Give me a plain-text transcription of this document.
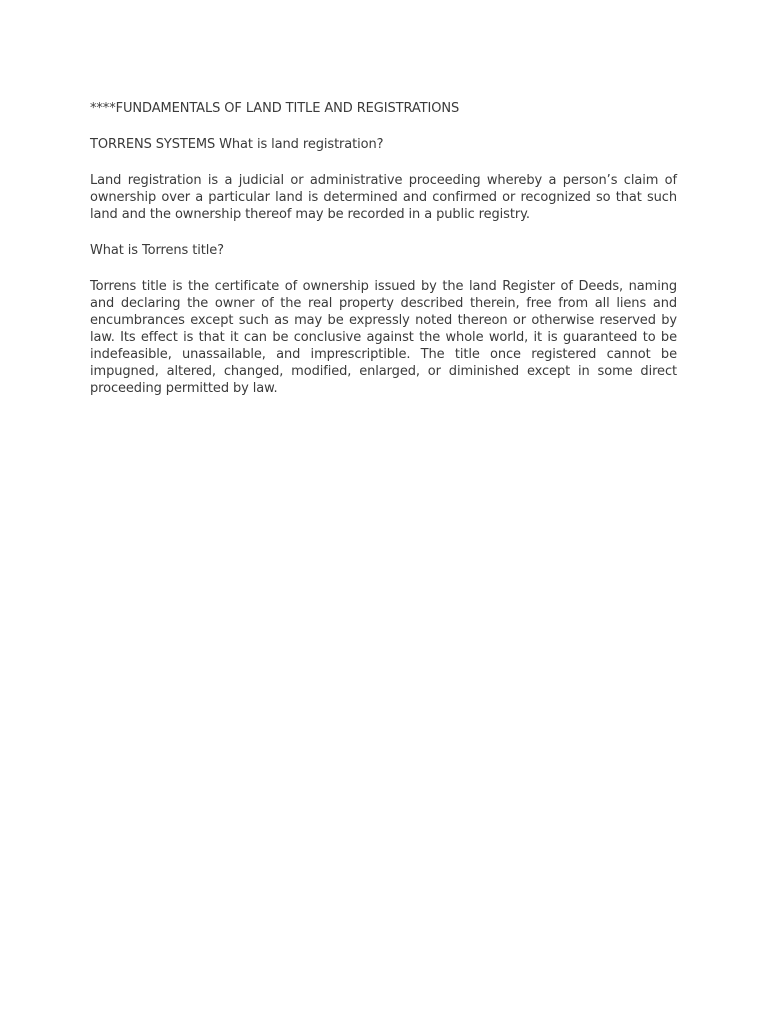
****FUNDAMENTALS OF LAND TITLE AND REGISTRATIONS

TORRENS SYSTEMS What is land registration?

Land registration is a judicial or administrative proceeding whereby a person’s claim of ownership over a particular land is determined and confirmed or recognized so that such land and the ownership thereof may be recorded in a public registry.

What is Torrens title?

Torrens title is the certificate of ownership issued by the land Register of Deeds, naming and declaring the owner of the real property described therein, free from all liens and encumbrances except such as may be expressly noted thereon or otherwise reserved by law. Its effect is that it can be conclusive against the whole world, it is guaranteed to be indefeasible, unassailable, and imprescriptible. The title once registered cannot be impugned, altered, changed, modified, enlarged, or diminished except in some direct proceeding permitted by law.
